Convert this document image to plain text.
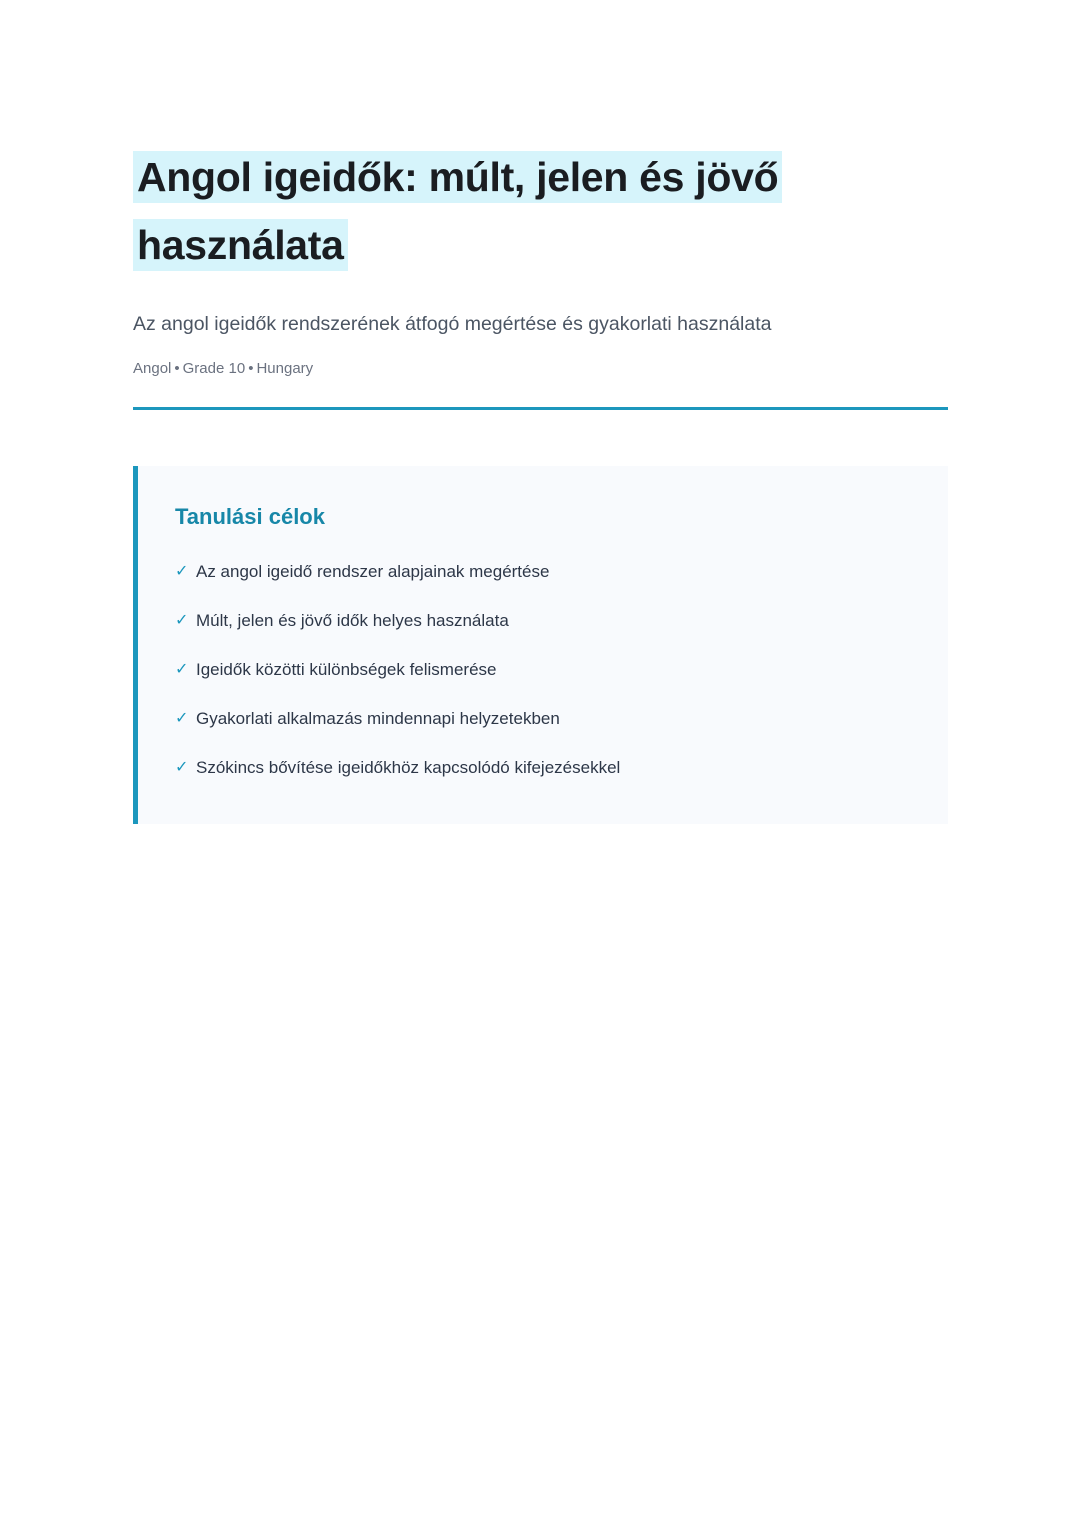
Angol igeidők: múlt, jelen és jövő
használata

Az angol igeidők rendszerének átfogó megértése és gyakorlati használata

Angol • Grade 10 • Hungary

Tanulási célok
✓ Az angol igeidő rendszer alapjainak megértése
✓ Múlt, jelen és jövő idők helyes használata
✓ Igeidők közötti különbségek felismerése
✓ Gyakorlati alkalmazás mindennapi helyzetekben
✓ Szókincs bővítése igeidőkhöz kapcsolódó kifejezésekkel
